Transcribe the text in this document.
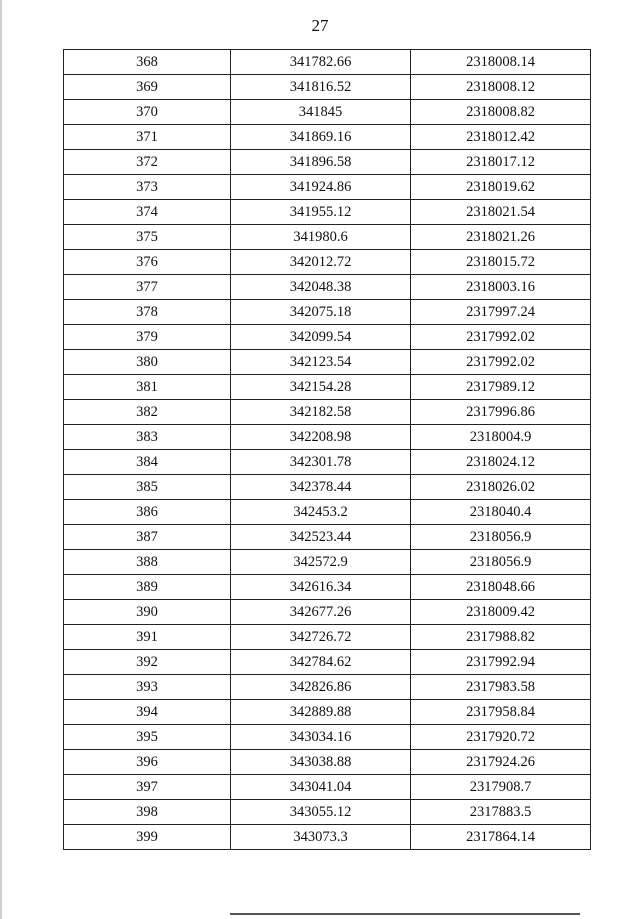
27
368	341782.66	2318008.14
369	341816.52	2318008.12
370	341845	2318008.82
371	341869.16	2318012.42
372	341896.58	2318017.12
373	341924.86	2318019.62
374	341955.12	2318021.54
375	341980.6	2318021.26
376	342012.72	2318015.72
377	342048.38	2318003.16
378	342075.18	2317997.24
379	342099.54	2317992.02
380	342123.54	2317992.02
381	342154.28	2317989.12
382	342182.58	2317996.86
383	342208.98	2318004.9
384	342301.78	2318024.12
385	342378.44	2318026.02
386	342453.2	2318040.4
387	342523.44	2318056.9
388	342572.9	2318056.9
389	342616.34	2318048.66
390	342677.26	2318009.42
391	342726.72	2317988.82
392	342784.62	2317992.94
393	342826.86	2317983.58
394	342889.88	2317958.84
395	343034.16	2317920.72
396	343038.88	2317924.26
397	343041.04	2317908.7
398	343055.12	2317883.5
399	343073.3	2317864.14
